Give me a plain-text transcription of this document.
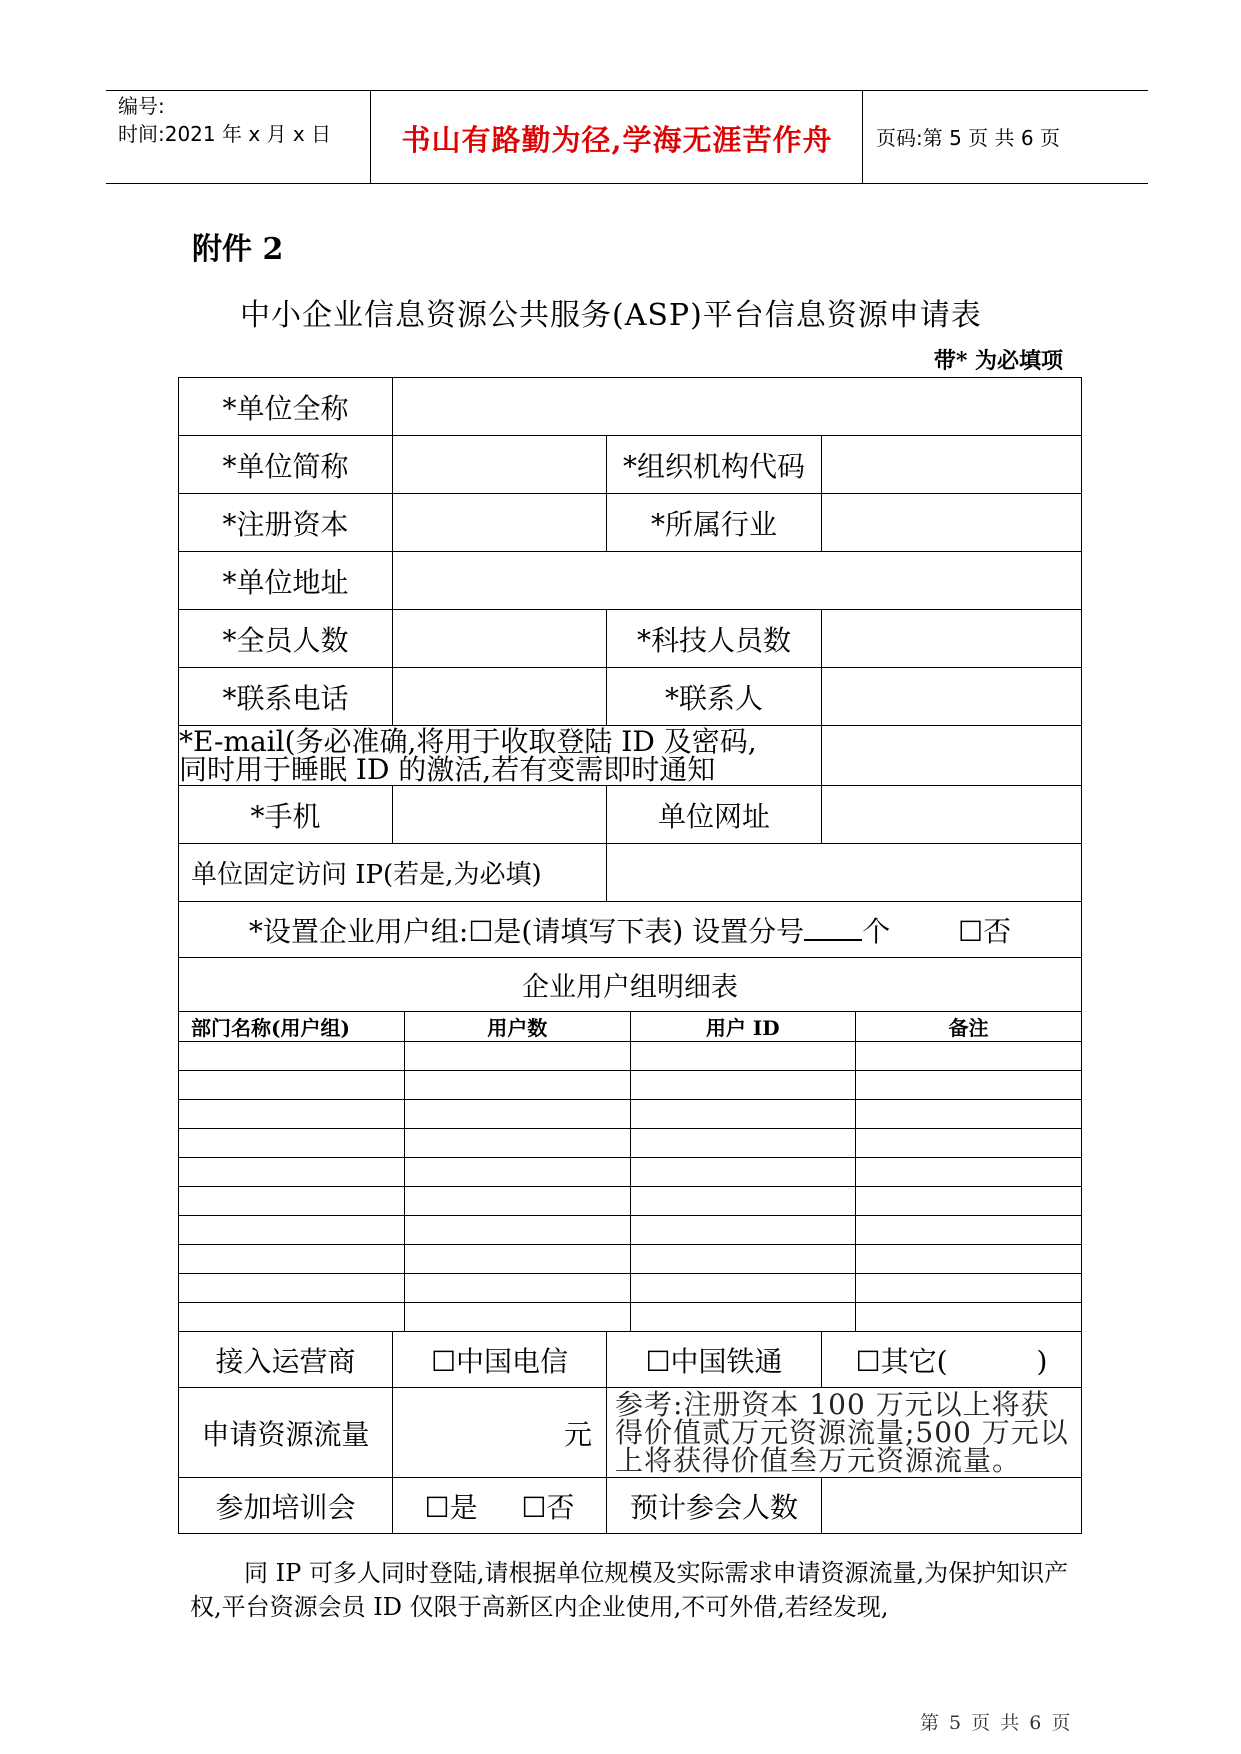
编号:
时间:2021 年 x 月 x 日	书山有路勤为径,学海无涯苦作舟	页码:第 5 页 共 6 页
附件 2
中小企业信息资源公共服务(ASP)平台信息资源申请表
带* 为必填项
*单位全称	
*单位简称		*组织机构代码	
*注册资本		*所属行业	
*单位地址	
*全员人数		*科技人员数	
*联系电话		*联系人	

*E-mail(务必准确,将用于收取登陆 ID 及密码,
同时用于睡眠 ID 的激活,若有变需即时通知

*手机		单位网址	
单位固定访问 IP(若是,为必填)	
*设置企业用户组:☐是(请填写下表) 设置分号 个 ☐否
企业用户组明细表

部门名称(用户组)	用户数	用户 ID	备注

接入运营商	☐中国电信	☐中国铁通	☐其它(          )
申请资源流量	元	参考:注册资本 100 万元以上将获得价值贰万元资源流量;500 万元以上将获得价值叁万元资源流量。
参加培训会	☐是 ☐否	预计参会人数	
同 IP 可多人同时登陆,请根据单位规模及实际需求申请资源流量,为保护知识产权,平台资源会员 ID 仅限于高新区内企业使用,不可外借,若经发现,
第 5 页 共 6 页
